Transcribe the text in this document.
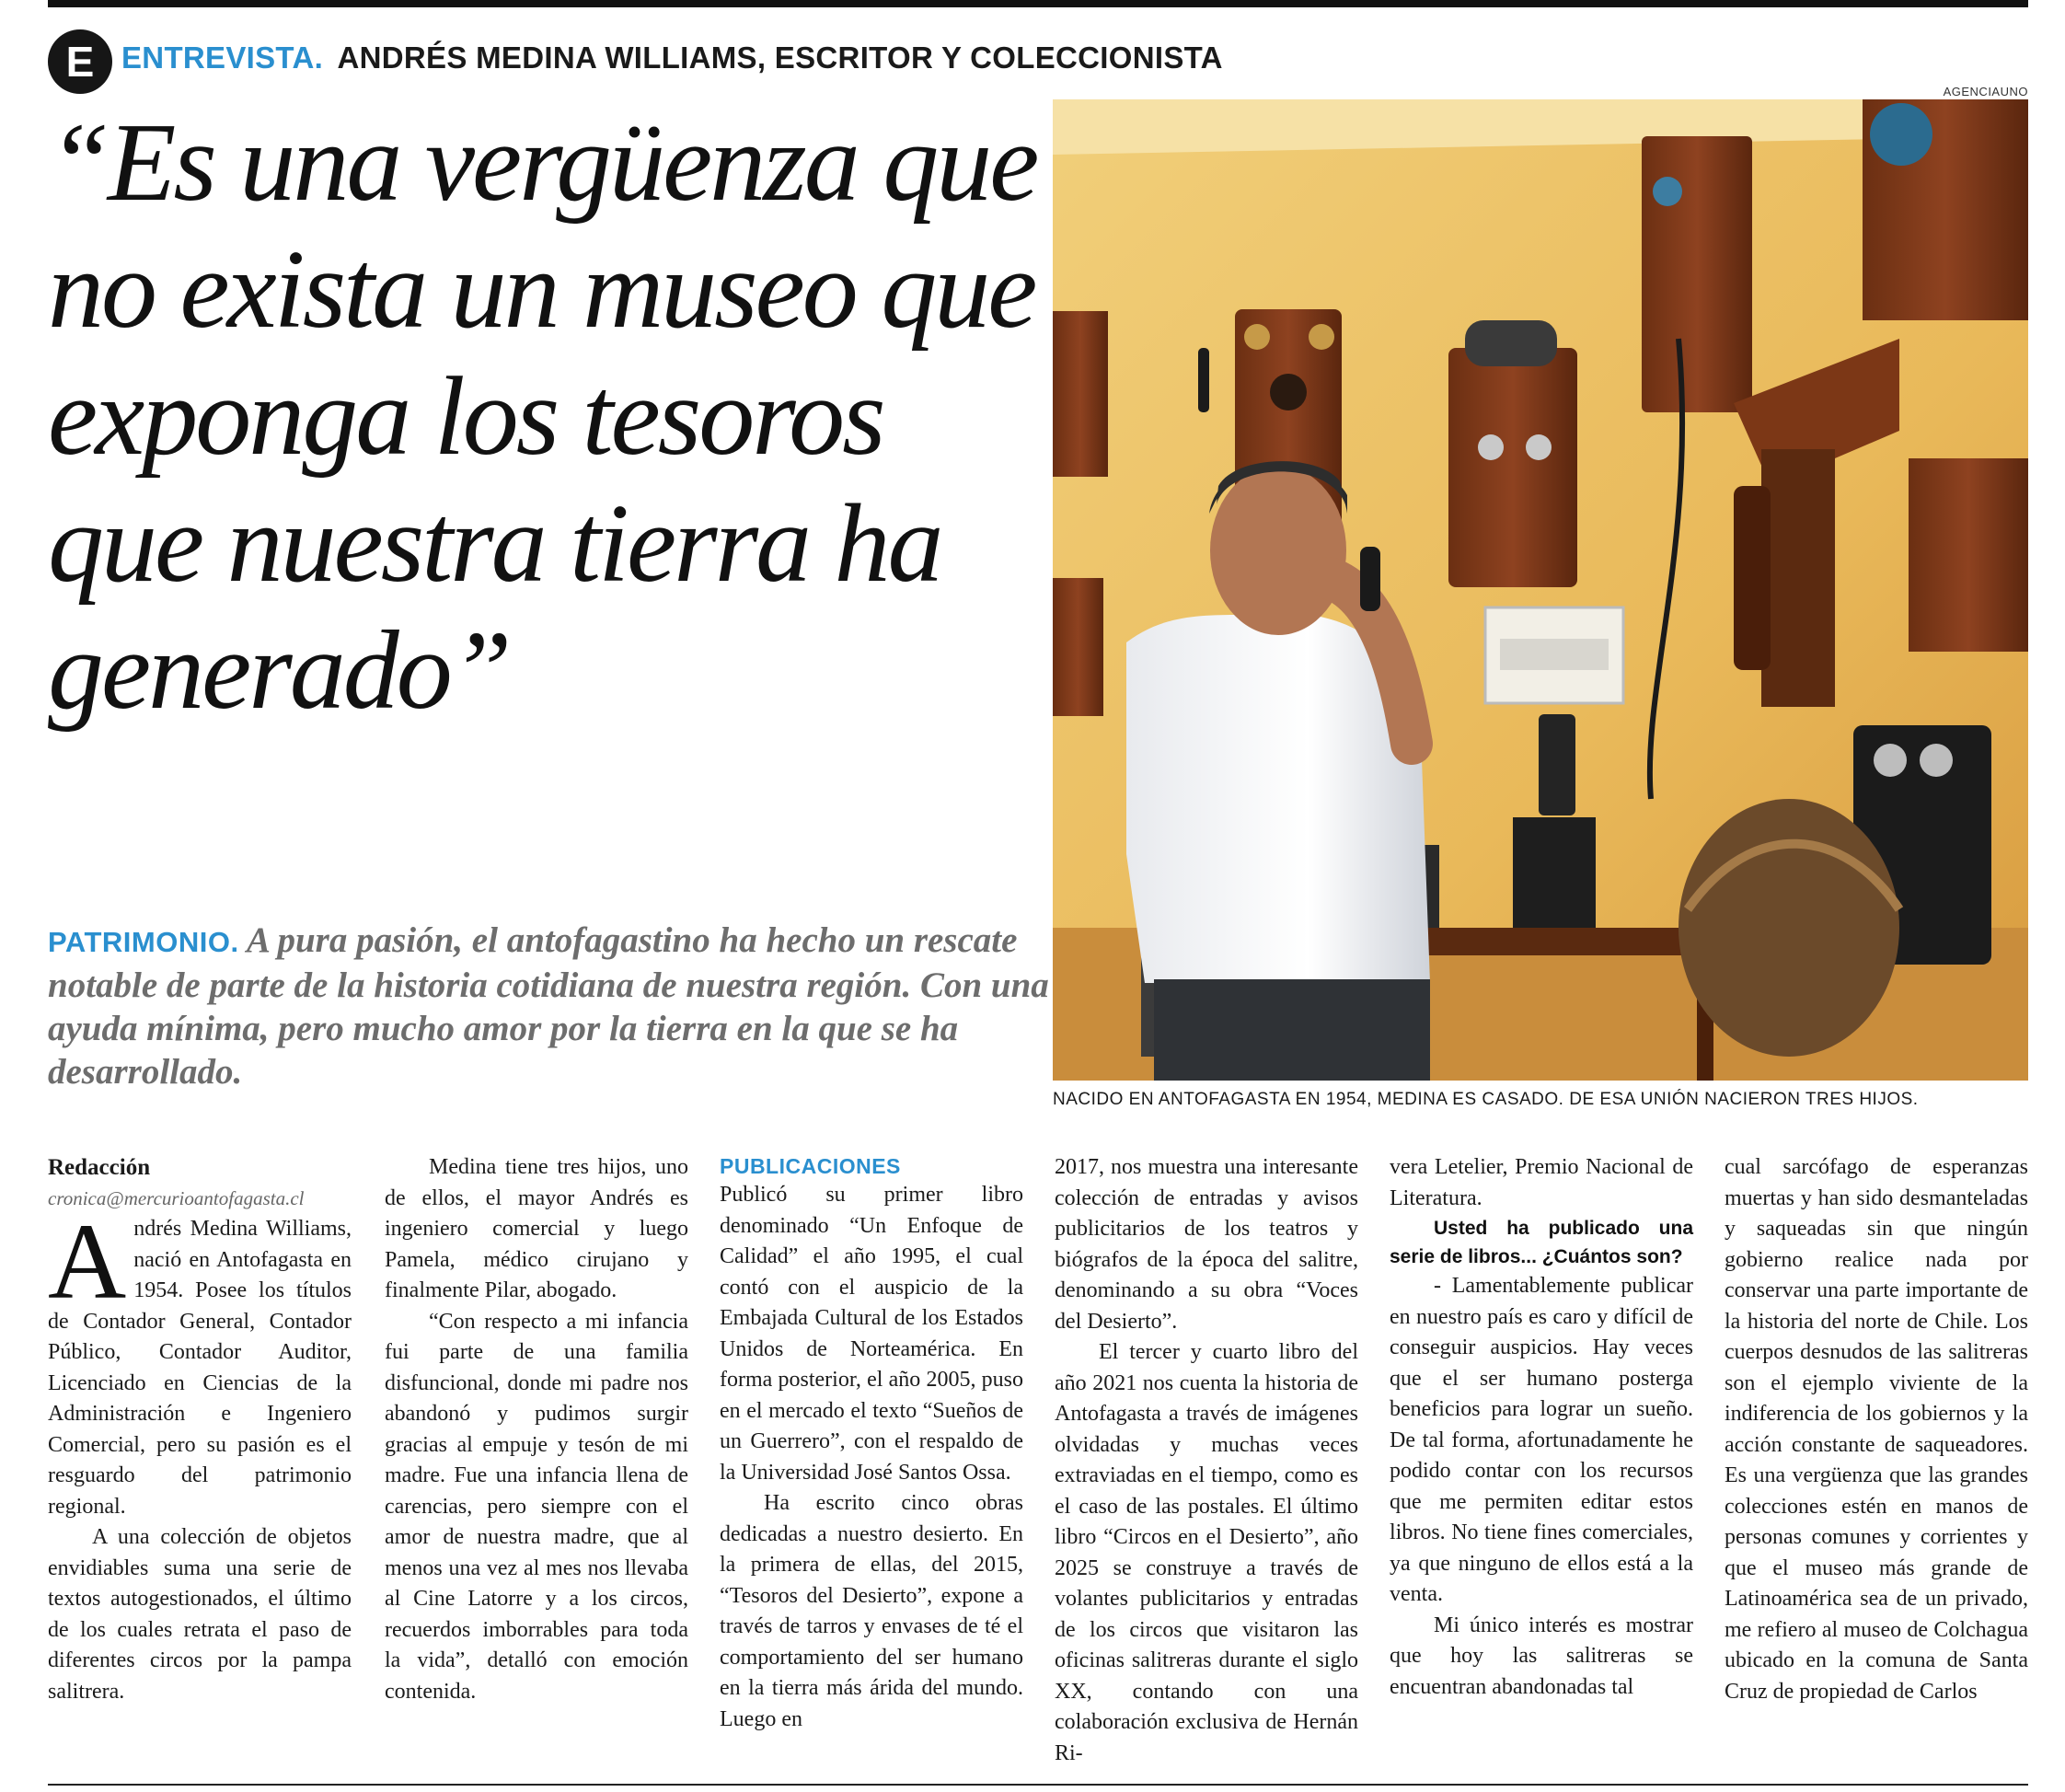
E ENTREVISTA. ANDRÉS MEDINA WILLIAMS, ESCRITOR Y COLECCIONISTA
“Es una vergüenza que no exista un museo que exponga los tesoros que nuestra tierra ha generado”

PATRIMONIO. A pura pasión, el antofagastino ha hecho un rescate notable de parte de la historia cotidiana de nuestra región. Con una ayuda mínima, pero mucho amor por la tierra en la que se ha desarrollado.

AGENCIAUNO
NACIDO EN ANTOFAGASTA EN 1954, MEDINA ES CASADO. DE ESA UNIÓN NACIERON TRES HIJOS.

Redacción

cronica@mercurioantofagasta.cl

Andrés Medina Williams, nació en Antofagasta en 1954. Posee los títulos de Contador General, Contador Público, Contador Auditor, Licenciado en Ciencias de la Administración e Ingeniero Comercial, pero su pasión es el resguardo del patrimonio regional.

A una colección de objetos envidiables suma una serie de textos autogestionados, el último de los cuales retrata el paso de diferentes circos por la pampa salitrera.

Medina tiene tres hijos, uno de ellos, el mayor Andrés es ingeniero comercial y luego Pamela, médico cirujano y finalmente Pilar, abogado.

“Con respecto a mi infancia fui parte de una familia disfuncional, donde mi padre nos abandonó y pudimos surgir gracias al empuje y tesón de mi madre. Fue una infancia llena de carencias, pero siempre con el amor de nuestra madre, que al menos una vez al mes nos llevaba al Cine Latorre y a los circos, recuerdos imborrables para toda la vida”, detalló con emoción contenida.

PUBLICACIONES

Publicó su primer libro denominado “Un Enfoque de Calidad” el año 1995, el cual contó con el auspicio de la Embajada Cultural de los Estados Unidos de Norteamérica. En forma posterior, el año 2005, puso en el mercado el texto “Sueños de un Guerrero”, con el respaldo de la Universidad José Santos Ossa.

Ha escrito cinco obras dedicadas a nuestro desierto. En la primera de ellas, del 2015, “Tesoros del Desierto”, expone a través de tarros y envases de té el comportamiento del ser humano en la tierra más árida del mundo. Luego en

2017, nos muestra una interesante colección de entradas y avisos publicitarios de los teatros y biógrafos de la época del salitre, denominando a su obra “Voces del Desierto”.

El tercer y cuarto libro del año 2021 nos cuenta la historia de Antofagasta a través de imágenes olvidadas y muchas veces extraviadas en el tiempo, como es el caso de las postales. El último libro “Circos en el Desierto”, año 2025 se construye a través de volantes publicitarios y entradas de los circos que visitaron las oficinas salitreras durante el siglo XX, contando con una colaboración exclusiva de Hernán Ri-

vera Letelier, Premio Nacional de Literatura.

Usted ha publicado una serie de libros... ¿Cuántos son?

- Lamentablemente publicar en nuestro país es caro y difícil de conseguir auspicios. Hay veces que el ser humano posterga beneficios para lograr un sueño. De tal forma, afortunadamente he podido contar con los recursos que me permiten editar estos libros. No tiene fines comerciales, ya que ninguno de ellos está a la venta.

Mi único interés es mostrar que hoy las salitreras se encuentran abandonadas tal

cual sarcófago de esperanzas muertas y han sido desmanteladas y saqueadas sin que ningún gobierno realice nada por conservar una parte importante de la historia del norte de Chile. Los cuerpos desnudos de las salitreras son el ejemplo viviente de la indiferencia de los gobiernos y la acción constante de saqueadores. Es una vergüenza que las grandes colecciones estén en manos de personas comunes y corrientes y que el museo más grande de Latinoamérica sea de un privado, me refiero al museo de Colchagua ubicado en la comuna de Santa Cruz de propiedad de Carlos
